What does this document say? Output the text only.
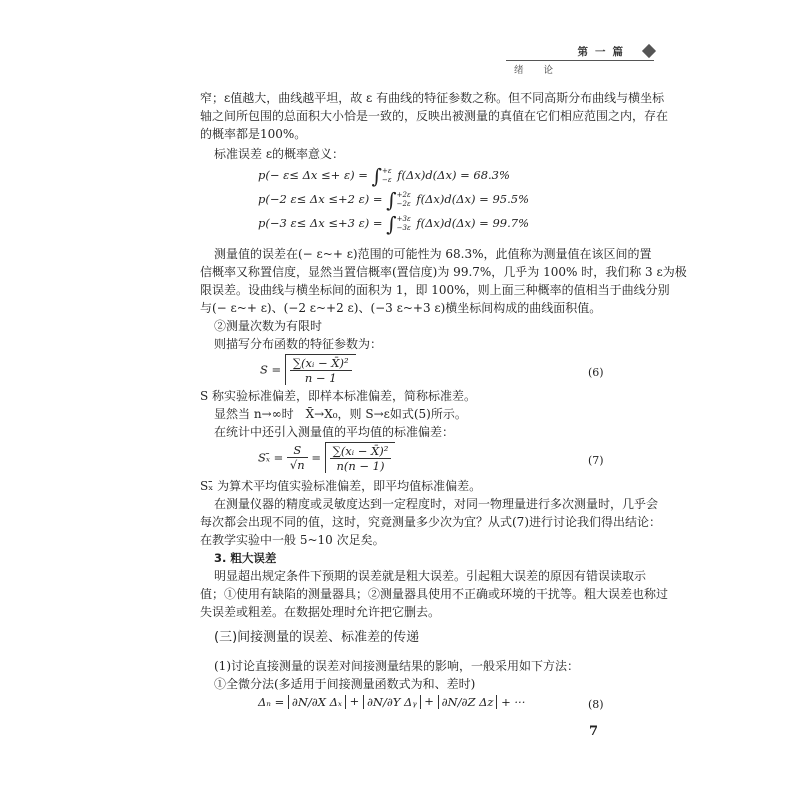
第一篇
绪论
窄；ε值越大，曲线越平坦，故 ε 有曲线的特征参数之称。但不同高斯分布曲线与横坐标
轴之间所包围的总面积大小恰是一致的，反映出被测量的真值在它们相应范围之内，存在
的概率都是100%。
标准误差 ε的概率意义：
p(− ε≤ Δx ≤+ ε) = ∫+ε
−ε f(Δx)d(Δx) = 68.3%
p(−2 ε≤ Δx ≤+2 ε) = ∫+2ε
−2ε f(Δx)d(Δx) = 95.5%
p(−3 ε≤ Δx ≤+3 ε) = ∫+3ε
−3ε f(Δx)d(Δx) = 99.7%
测量值的误差在(− ε~+ ε)范围的可能性为 68.3%，此值称为测量值在该区间的置
信概率又称置信度，显然当置信概率(置信度)为 99.7%，几乎为 100% 时，我们称 3 ε为极
限误差。设曲线与横坐标间的面积为 1，即 100%，则上面三种概率的值相当于曲线分别
与(− ε~+ ε)、(−2 ε~+2 ε)、(−3 ε~+3 ε)横坐标间构成的曲线面积值。
②测量次数为有限时
则描写分布函数的特征参数为：
$S = \frac{\text{∑(xᵢ − X̄)²}}{n - 1}$	(6)
S 称实验标准偏差，即样本标准偏差，简称标准差。
显然当 n→∞时　X̄→X₀，则 S→ε如式(5)所示。
在统计中还引入测量值的平均值的标准偏差：
Sₓ̄ = $\frac{S}{√n} = \frac{\text{∑(xᵢ − X̄)²}}{n(n - 1)}$	(7)
Sₓ̄ 为算术平均值实验标准偏差，即平均值标准偏差。
在测量仪器的精度或灵敏度达到一定程度时，对同一物理量进行多次测量时，几乎会
每次都会出现不同的值，这时，究竟测量多少次为宜？从式(7)进行讨论我们得出结论：
在教学实验中一般 5~10 次足矣。
3. 粗大误差
明显超出规定条件下预期的误差就是粗大误差。引起粗大误差的原因有错误读取示
值；①使用有缺陷的测量器具；②测量器具使用不正确或环境的干扰等。粗大误差也称过
失误差或粗差。在数据处理时允许把它删去。
(三)间接测量的误差、标准差的传递
(1)讨论直接测量的误差对间接测量结果的影响，一般采用如下方法：
①全微分法(多适用于间接测量函数式为和、差时)
Δₙ = ∂N/∂X Δₓ + ∂N/∂Y Δᵧ + ∂N/∂Z Δz + ···	(8)
7
